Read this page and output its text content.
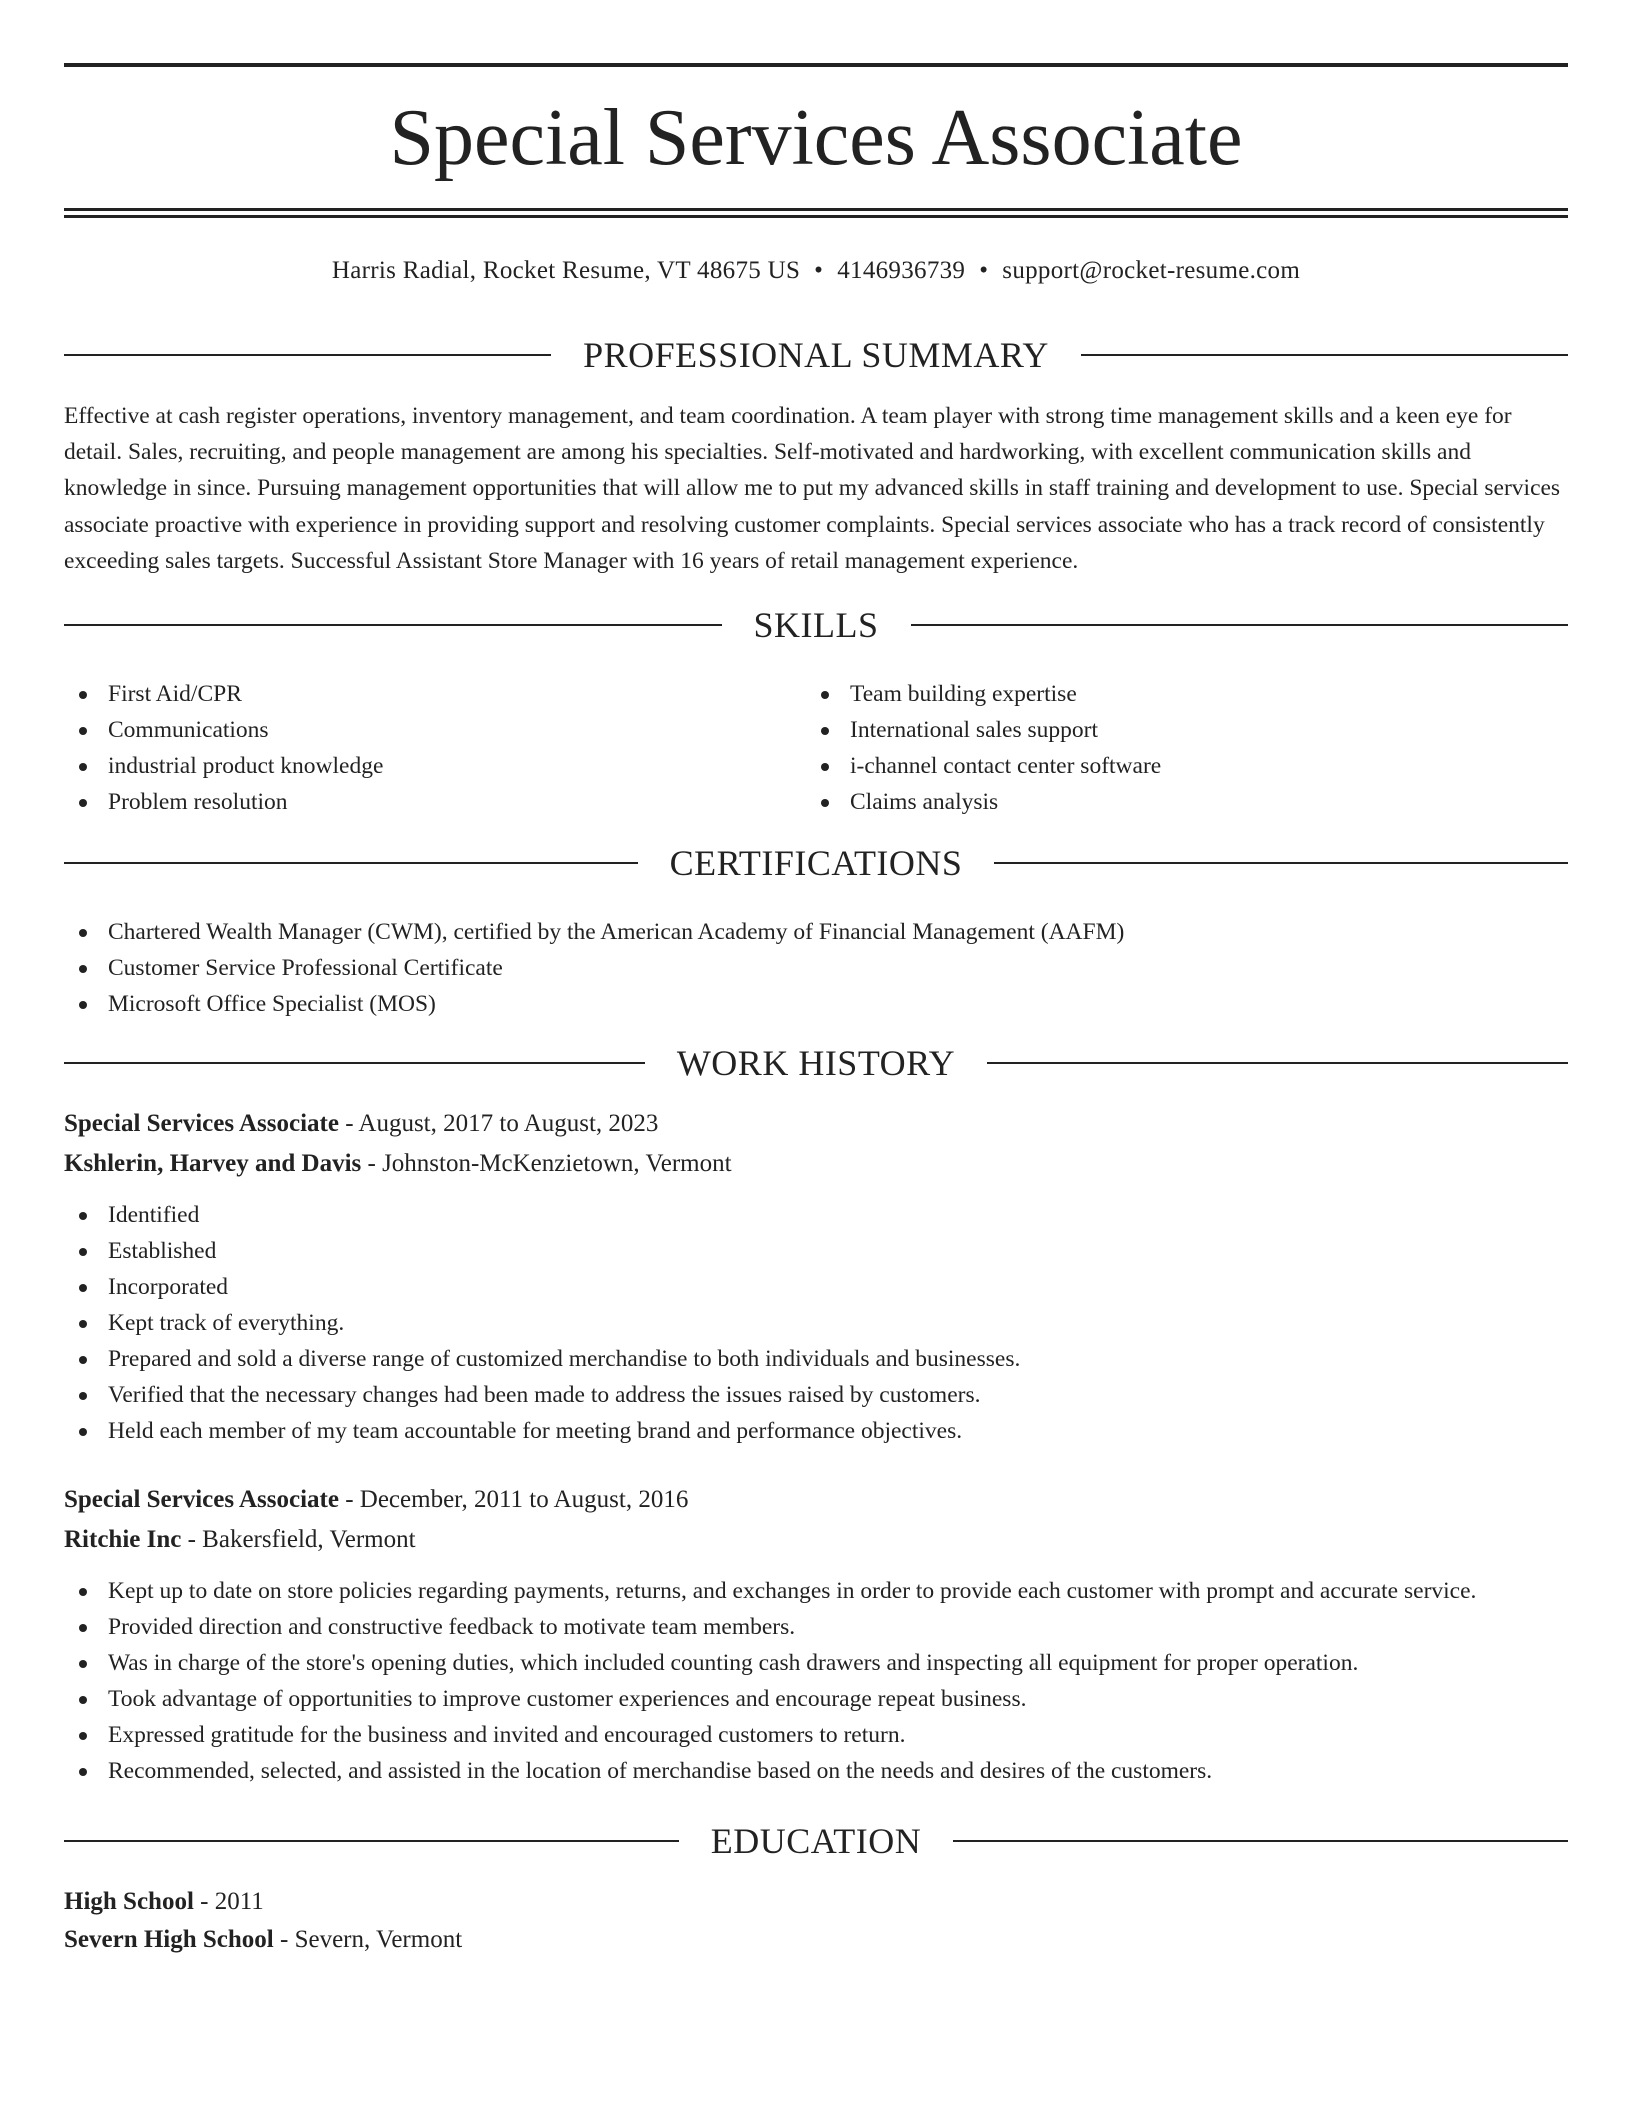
Special Services Associate
Harris Radial, Rocket Resume, VT 48675 US • 4146936739 • support@rocket-resume.com
PROFESSIONAL SUMMARY

Effective at cash register operations, inventory management, and team coordination. A team player with strong time management skills and a keen eye for detail. Sales, recruiting, and people management are among his specialties. Self-motivated and hardworking, with excellent communication skills and knowledge in since. Pursuing management opportunities that will allow me to put my advanced skills in staff training and development to use. Special services associate proactive with experience in providing support and resolving customer complaints. Special services associate who has a track record of consistently exceeding sales targets. Successful Assistant Store Manager with 16 years of retail management experience.

SKILLS
First Aid/CPR
Communications
industrial product knowledge
Problem resolution
Team building expertise
International sales support
i-channel contact center software
Claims analysis
CERTIFICATIONS
Chartered Wealth Manager (CWM), certified by the American Academy of Financial Management (AAFM)
Customer Service Professional Certificate
Microsoft Office Specialist (MOS)
WORK HISTORY
Special Services Associate - August, 2017 to August, 2023
Kshlerin, Harvey and Davis - Johnston-McKenzietown, Vermont
Identified
Established
Incorporated
Kept track of everything.
Prepared and sold a diverse range of customized merchandise to both individuals and businesses.
Verified that the necessary changes had been made to address the issues raised by customers.
Held each member of my team accountable for meeting brand and performance objectives.
Special Services Associate - December, 2011 to August, 2016
Ritchie Inc - Bakersfield, Vermont
Kept up to date on store policies regarding payments, returns, and exchanges in order to provide each customer with prompt and accurate service.
Provided direction and constructive feedback to motivate team members.
Was in charge of the store's opening duties, which included counting cash drawers and inspecting all equipment for proper operation.
Took advantage of opportunities to improve customer experiences and encourage repeat business.
Expressed gratitude for the business and invited and encouraged customers to return.
Recommended, selected, and assisted in the location of merchandise based on the needs and desires of the customers.
EDUCATION
High School - 2011
Severn High School - Severn, Vermont
